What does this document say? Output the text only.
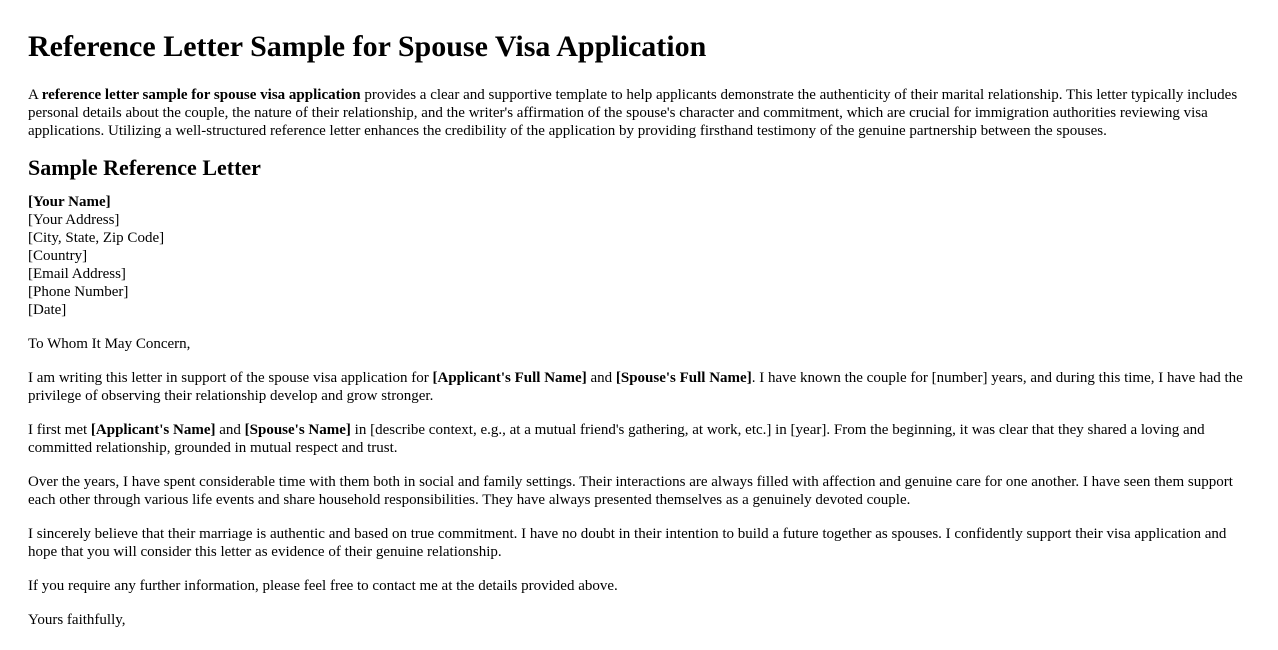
Reference Letter Sample for Spouse Visa Application

A reference letter sample for spouse visa application provides a clear and supportive template to help applicants demonstrate the authenticity of their marital relationship. This letter typically includes personal details about the couple, the nature of their relationship, and the writer's affirmation of the spouse's character and commitment, which are crucial for immigration authorities reviewing visa applications. Utilizing a well-structured reference letter enhances the credibility of the application by providing firsthand testimony of the genuine partnership between the spouses.

Sample Reference Letter

[Your Name]
[Your Address]
[City, State, Zip Code]
[Country]
[Email Address]
[Phone Number]
[Date]

To Whom It May Concern,

I am writing this letter in support of the spouse visa application for [Applicant's Full Name] and [Spouse's Full Name]. I have known the couple for [number] years, and during this time, I have had the privilege of observing their relationship develop and grow stronger.

I first met [Applicant's Name] and [Spouse's Name] in [describe context, e.g., at a mutual friend's gathering, at work, etc.] in [year]. From the beginning, it was clear that they shared a loving and committed relationship, grounded in mutual respect and trust.

Over the years, I have spent considerable time with them both in social and family settings. Their interactions are always filled with affection and genuine care for one another. I have seen them support each other through various life events and share household responsibilities. They have always presented themselves as a genuinely devoted couple.

I sincerely believe that their marriage is authentic and based on true commitment. I have no doubt in their intention to build a future together as spouses. I confidently support their visa application and hope that you will consider this letter as evidence of their genuine relationship.

If you require any further information, please feel free to contact me at the details provided above.

Yours faithfully,
